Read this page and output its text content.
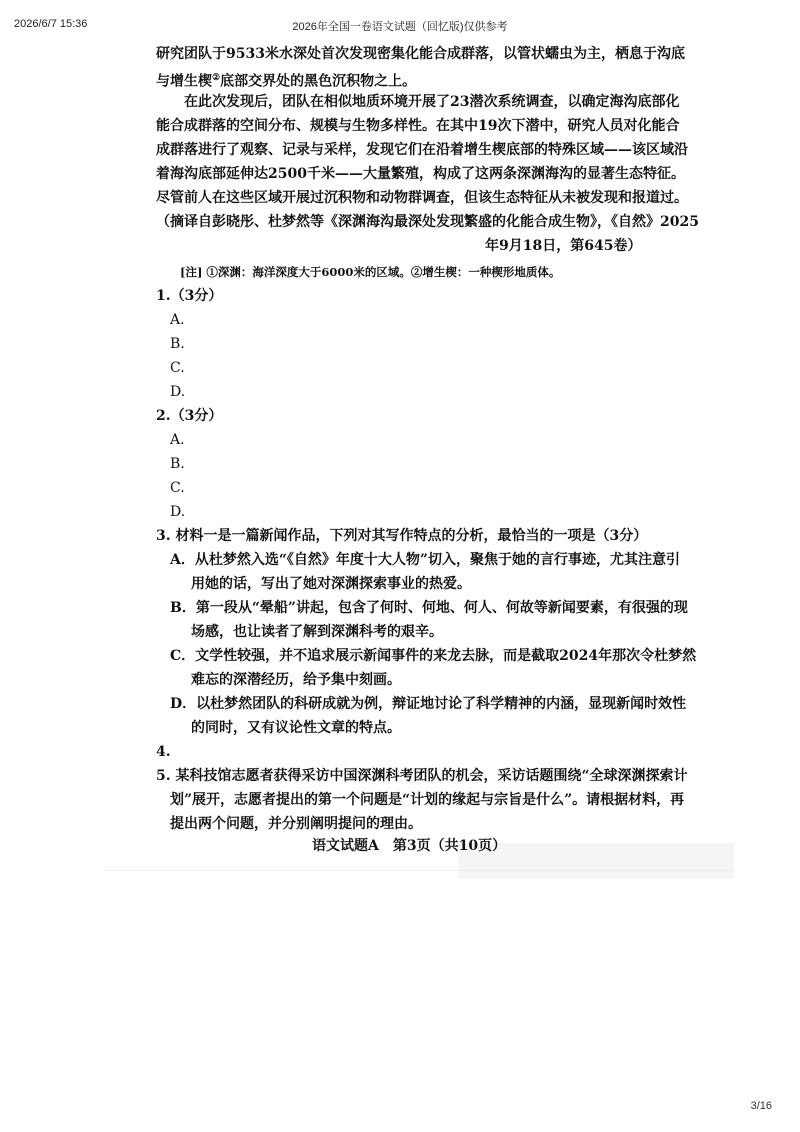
2026/6/7 15:36	2026年全国一卷语文试题（回忆版)仅供参考
研究团队于9533米水深处首次发现密集化能合成群落，以管状蠕虫为主，栖息于沟底
与增生楔②底部交界处的黑色沉积物之上。
在此次发现后，团队在相似地质环境开展了23潜次系统调查，以确定海沟底部化
能合成群落的空间分布、规模与生物多样性。在其中19次下潜中，研究人员对化能合
成群落进行了观察、记录与采样，发现它们在沿着增生楔底部的特殊区域——该区域沿
着海沟底部延伸达2500千米——大量繁殖，构成了这两条深渊海沟的显著生态特征。
尽管前人在这些区域开展过沉积物和动物群调查，但该生态特征从未被发现和报道过。
（摘译自彭晓彤、杜梦然等《深渊海沟最深处发现繁盛的化能合成生物》，《自然》2025
年9月18日，第645卷）
[注] ①深渊：海洋深度大于6000米的区域。②增生楔：一种楔形地质体。
1.（3分）
A.
B.
C.
D.
2.（3分）
A.
B.
C.
D.
3. 材料一是一篇新闻作品，下列对其写作特点的分析，最恰当的一项是（3分）
A．从杜梦然入选“《自然》年度十大人物”切入，聚焦于她的言行事迹，尤其注意引
用她的话，写出了她对深渊探索事业的热爱。
B．第一段从“晕船”讲起，包含了何时、何地、何人、何故等新闻要素，有很强的现
场感，也让读者了解到深渊科考的艰辛。
C．文学性较强，并不追求展示新闻事件的来龙去脉，而是截取2024年那次令杜梦然
难忘的深潜经历，给予集中刻画。
D．以杜梦然团队的科研成就为例，辩证地讨论了科学精神的内涵，显现新闻时效性
的同时，又有议论性文章的特点。
4.
5. 某科技馆志愿者获得采访中国深渊科考团队的机会，采访话题围绕“全球深渊探索计
划”展开，志愿者提出的第一个问题是“计划的缘起与宗旨是什么”。请根据材料，再
提出两个问题，并分别阐明提问的理由。
语文试题A　第3页（共10页）
3/16
